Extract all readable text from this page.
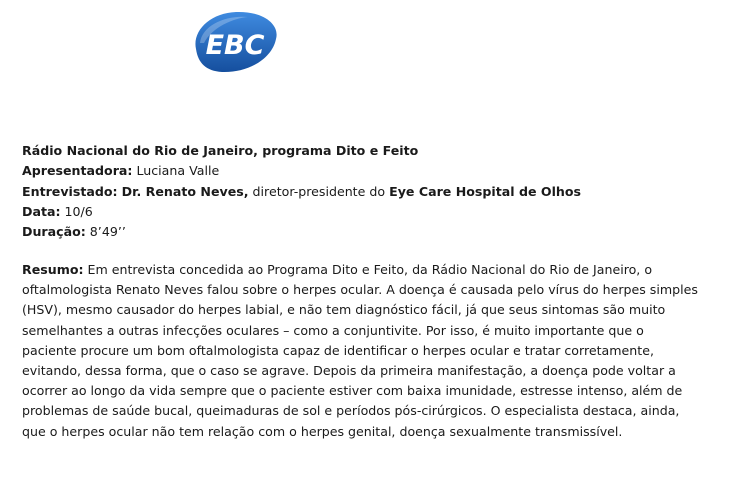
EBC
Rádio Nacional do Rio de Janeiro, programa Dito e Feito
Apresentadora: Luciana Valle
Entrevistado: Dr. Renato Neves, diretor-presidente do Eye Care Hospital de Olhos
Data: 10/6
Duração: 8’49’’
Resumo: Em entrevista concedida ao Programa Dito e Feito, da Rádio Nacional do Rio de Janeiro, o
oftalmologista Renato Neves falou sobre o herpes ocular. A doença é causada pelo vírus do herpes simples
(HSV), mesmo causador do herpes labial, e não tem diagnóstico fácil, já que seus sintomas são muito
semelhantes a outras infecções oculares – como a conjuntivite. Por isso, é muito importante que o
paciente procure um bom oftalmologista capaz de identificar o herpes ocular e tratar corretamente,
evitando, dessa forma, que o caso se agrave. Depois da primeira manifestação, a doença pode voltar a
ocorrer ao longo da vida sempre que o paciente estiver com baixa imunidade, estresse intenso, além de
problemas de saúde bucal, queimaduras de sol e períodos pós-cirúrgicos. O especialista destaca, ainda,
que o herpes ocular não tem relação com o herpes genital, doença sexualmente transmissível.
